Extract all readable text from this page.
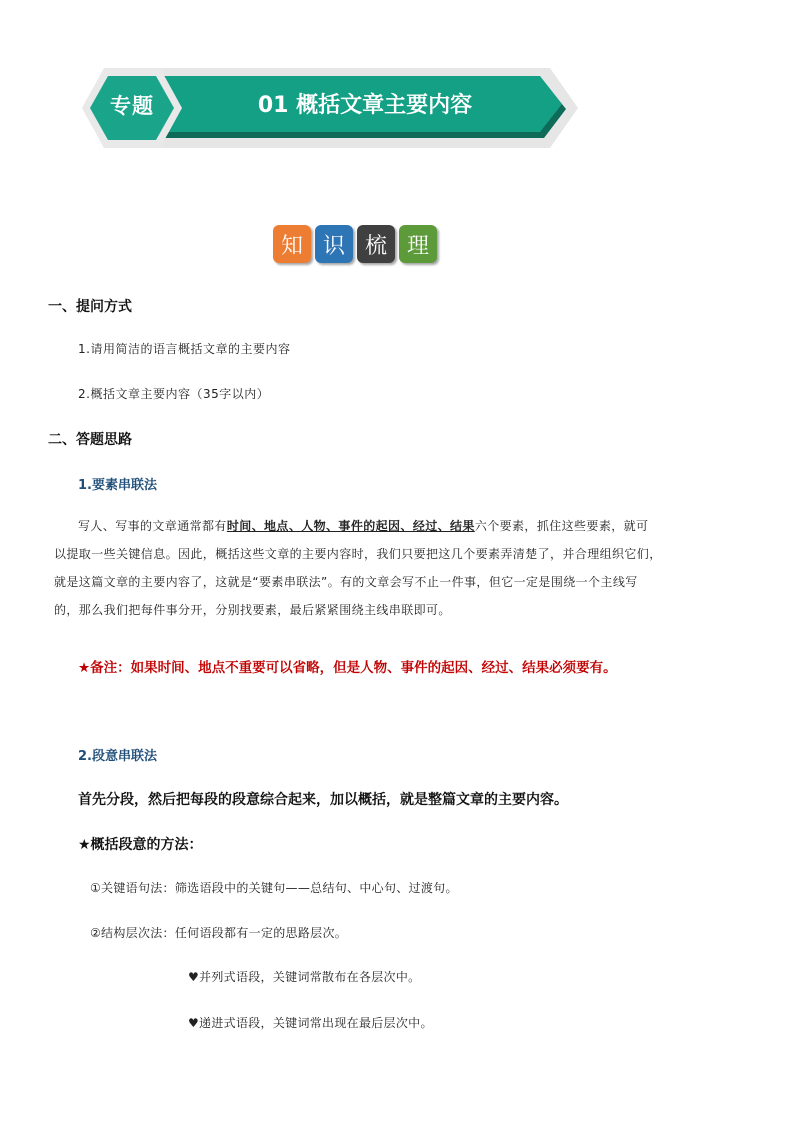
专题	01 概括文章主要内容
知 识 梳 理
一、提问方式
1.请用简洁的语言概括文章的主要内容
2.概括文章主要内容（35字以内）
二、答题思路
1.要素串联法
写人、写事的文章通常都有时间、地点、人物、事件的起因、经过、结果六个要素，抓住这些要素，就可
以提取一些关键信息。因此，概括这些文章的主要内容时，我们只要把这几个要素弄清楚了，并合理组织它们，
就是这篇文章的主要内容了，这就是“要素串联法”。有的文章会写不止一件事，但它一定是围绕一个主线写
的，那么我们把每件事分开，分别找要素，最后紧紧围绕主线串联即可。
★备注：如果时间、地点不重要可以省略，但是人物、事件的起因、经过、结果必须要有。
2.段意串联法
首先分段，然后把每段的段意综合起来，加以概括，就是整篇文章的主要内容。
★概括段意的方法：
①关键语句法：筛选语段中的关键句——总结句、中心句、过渡句。
②结构层次法：任何语段都有一定的思路层次。
♥并列式语段，关键词常散布在各层次中。
♥递进式语段，关键词常出现在最后层次中。
